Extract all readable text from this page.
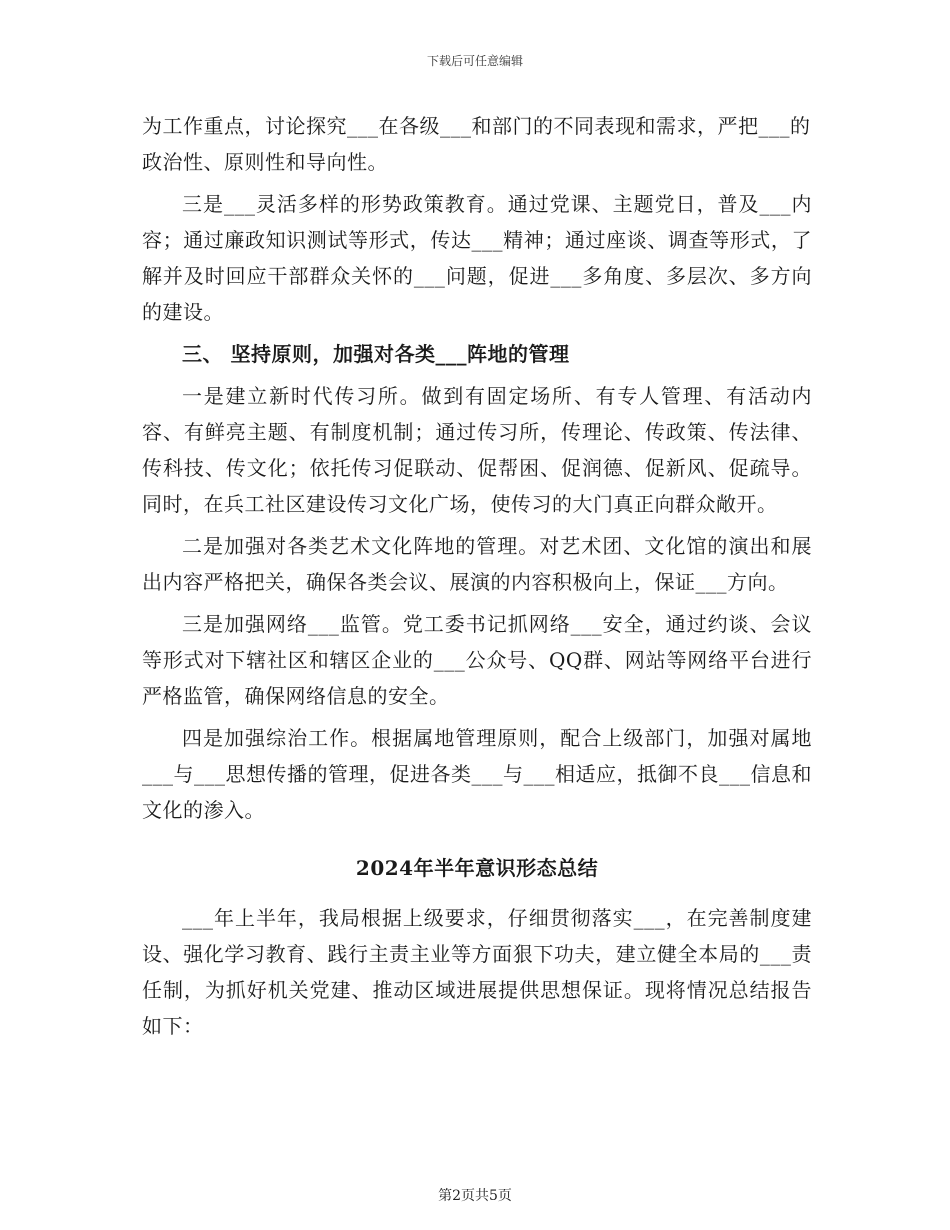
下载后可任意编辑

为工作重点，讨论探究___在各级___和部门的不同表现和需求，严把___的政治性、原则性和导向性。

三是___灵活多样的形势政策教育。通过党课、主题党日，普及___内容；通过廉政知识测试等形式，传达___精神；通过座谈、调查等形式，了解并及时回应干部群众关怀的___问题，促进___多角度、多层次、多方向的建设。

三、 坚持原则，加强对各类___阵地的管理

一是建立新时代传习所。做到有固定场所、有专人管理、有活动内容、有鲜亮主题、有制度机制；通过传习所，传理论、传政策、传法律、传科技、传文化；依托传习促联动、促帮困、促润德、促新风、促疏导。同时，在兵工社区建设传习文化广场，使传习的大门真正向群众敞开。

二是加强对各类艺术文化阵地的管理。对艺术团、文化馆的演出和展出内容严格把关，确保各类会议、展演的内容积极向上，保证___方向。

三是加强网络___监管。党工委书记抓网络___安全，通过约谈、会议等形式对下辖社区和辖区企业的___公众号、QQ群、网站等网络平台进行严格监管，确保网络信息的安全。

四是加强综治工作。根据属地管理原则，配合上级部门，加强对属地___与___思想传播的管理，促进各类___与___相适应，抵御不良___信息和文化的渗入。

2024年半年意识形态总结

___年上半年，我局根据上级要求，仔细贯彻落实___，在完善制度建设、强化学习教育、践行主责主业等方面狠下功夫，建立健全本局的___责任制，为抓好机关党建、推动区域进展提供思想保证。现将情况总结报告如下：

第2页共5页
